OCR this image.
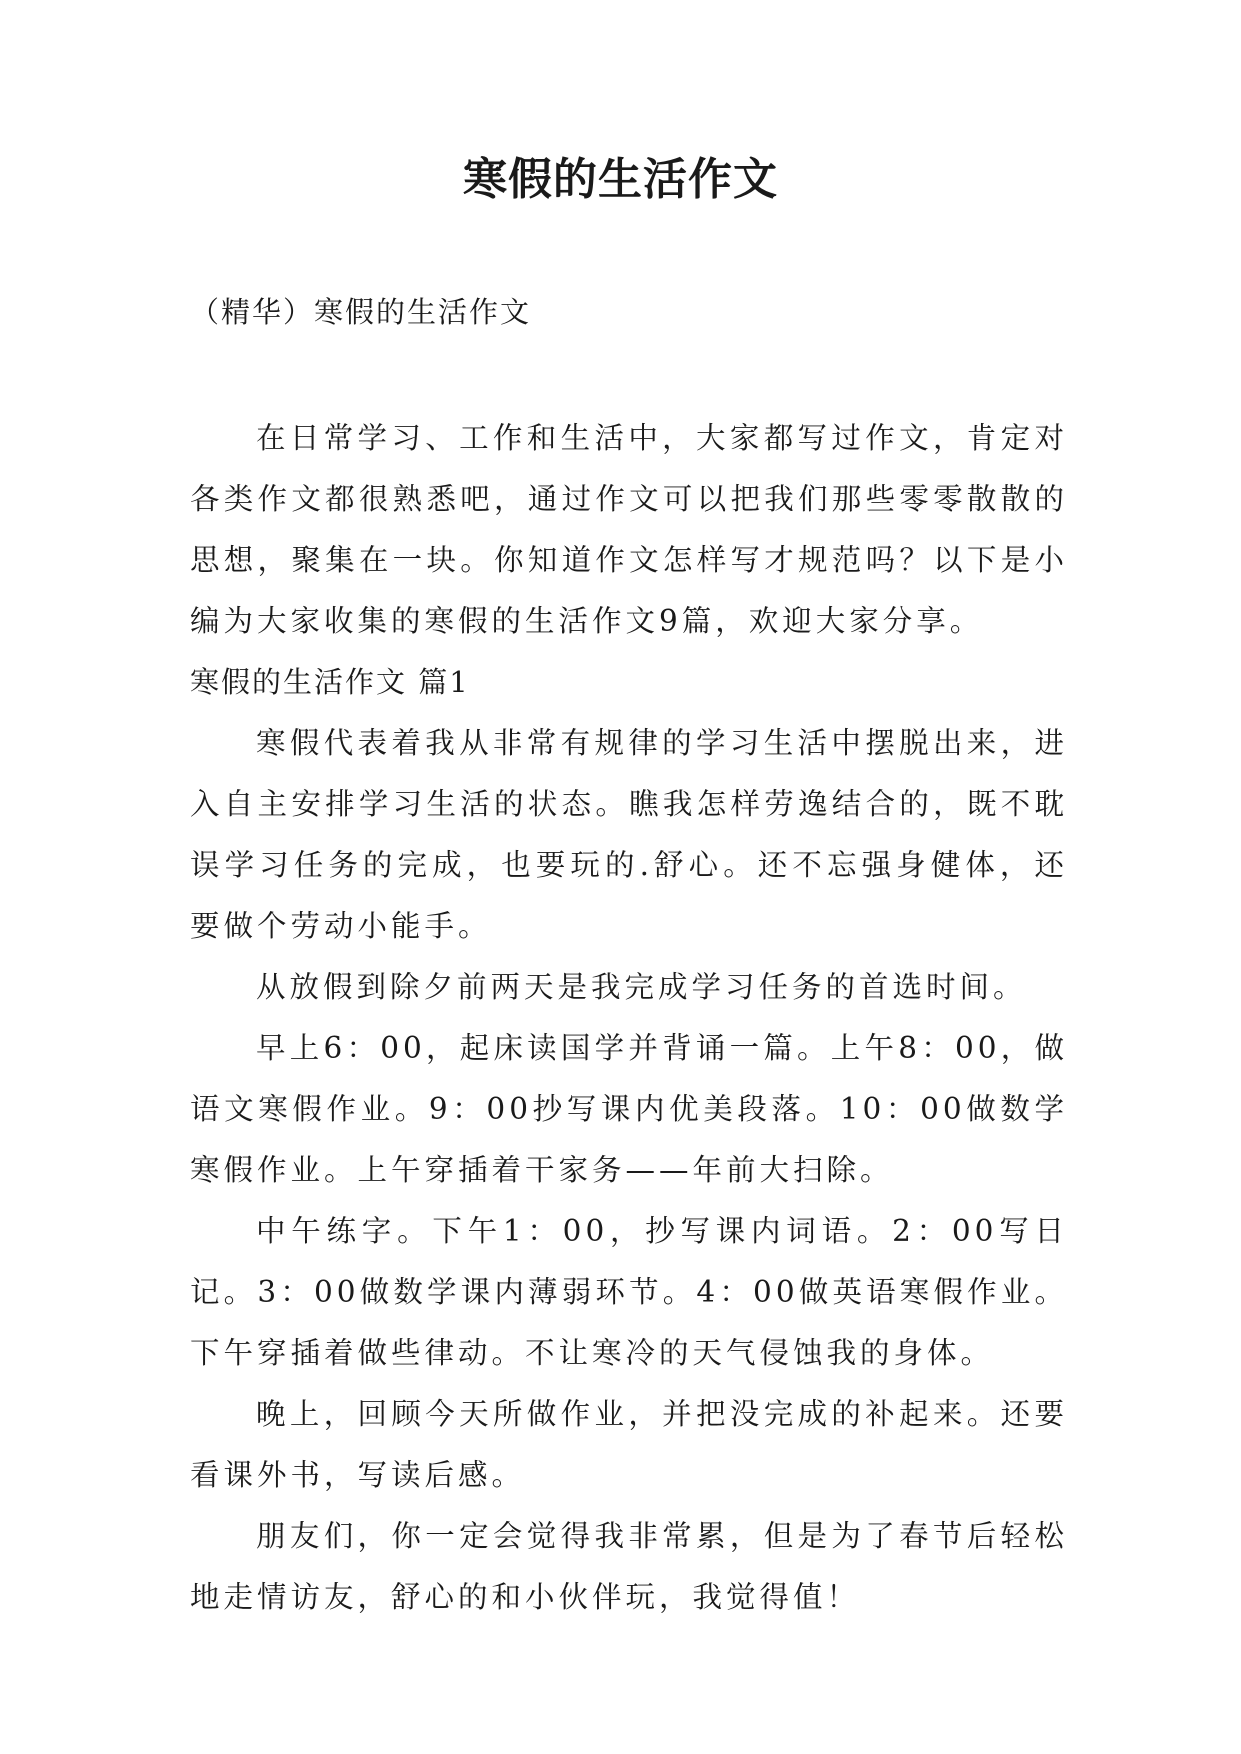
寒假的生活作文

（精华）寒假的生活作文

在日常学习、工作和生活中，大家都写过作文，肯定对各类作文都很熟悉吧，通过作文可以把我们那些零零散散的思想，聚集在一块。你知道作文怎样写才规范吗？以下是小编为大家收集的寒假的生活作文9篇，欢迎大家分享。

寒假的生活作文 篇1

寒假代表着我从非常有规律的学习生活中摆脱出来，进入自主安排学习生活的状态。瞧我怎样劳逸结合的，既不耽误学习任务的完成，也要玩的.舒心。还不忘强身健体，还要做个劳动小能手。

从放假到除夕前两天是我完成学习任务的首选时间。

早上6：00，起床读国学并背诵一篇。上午8：00，做语文寒假作业。9：00抄写课内优美段落。10：00做数学寒假作业。上午穿插着干家务——年前大扫除。

中午练字。下午1：00，抄写课内词语。2：00写日记。3：00做数学课内薄弱环节。4：00做英语寒假作业。下午穿插着做些律动。不让寒冷的天气侵蚀我的身体。

晚上，回顾今天所做作业，并把没完成的补起来。还要看课外书，写读后感。

朋友们，你一定会觉得我非常累，但是为了春节后轻松地走情访友，舒心的和小伙伴玩，我觉得值！
